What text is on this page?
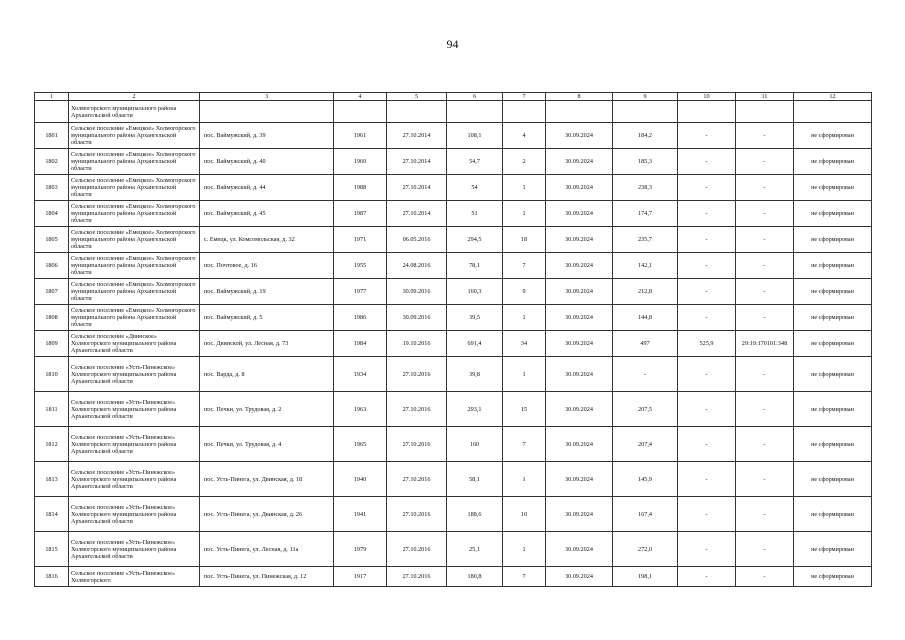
94
1	2	3	4	5	6	7	8	9	10	11	12
	Холмогорского муниципального района Архангельской области										
1801	Сельское поселение «Емецкое» Холмогорского муниципального района Архангельской области	пос. Ваймужский, д. 39	1961	27.10.2014	108,1	4	30.09.2024	184,2	-	-	не сформирован
1802	Сельское поселение «Емецкое» Холмогорского муниципального района Архангельской области	пос. Ваймужский, д. 40	1960	27.10.2014	54,7	2	30.09.2024	185,3	-	-	не сформирован
1803	Сельское поселение «Емецкое» Холмогорского муниципального района Архангельской области	пос. Ваймужский, д. 44	1988	27.10.2014	54	1	30.09.2024	238,3	-	-	не сформирован
1804	Сельское поселение «Емецкое» Холмогорского муниципального района Архангельской области	пос. Ваймужский, д. 45	1987	27.10.2014	51	1	30.09.2024	174,7	-	-	не сформирован
1805	Сельское поселение «Емецкое» Холмогорского муниципального района Архангельской области	с. Емецк, ул. Комсомольская, д. 32	1971	06.05.2016	294,5	18	30.09.2024	235,7	-	-	не сформирован
1806	Сельское поселение «Емецкое» Холмогорского муниципального района Архангельской области	пос. Почтовое, д. 16	1955	24.08.2016	78,1	7	30.09.2024	142,1	-	-	не сформирован
1807	Сельское поселение «Емецкое» Холмогорского муниципального района Архангельской области	пос. Ваймужский, д. 19	1977	30.09.2016	160,3	9	30.09.2024	212,8	-	-	не сформирован
1808	Сельское поселение «Емецкое» Холмогорского муниципального района Архангельской области	пос. Ваймужский, д. 5	1986	30.09.2016	39,5	1	30.09.2024	144,8	-	-	не сформирован
1809	Сельское поселение «Двинское» Холмогорского муниципального района Архангельской области	пос. Двинской, ул. Лесная, д. 73	1984	19.10.2016	691,4	34	30.09.2024	497	525,9	29:19:170101:348	не сформирован
1810	Сельское поселение «Усть-Пинежское» Холмогорского муниципального района Архангельской области	пос. Варда, д. 8	1934	27.10.2016	39,8	1	30.09.2024	-	-	-	не сформирован
1811	Сельское поселение «Усть-Пинежское» Холмогорского муниципального района Архангельской области	пос. Печки, ул. Трудовая, д. 2	1963	27.10.2016	293,1	15	30.09.2024	207,5	-	-	не сформирован
1812	Сельское поселение «Усть-Пинежское» Холмогорского муниципального района Архангельской области	пос. Печки, ул. Трудовая, д. 4	1965	27.10.2016	160	7	30.09.2024	207,4	-	-	не сформирован
1813	Сельское поселение «Усть-Пинежское» Холмогорского муниципального района Архангельской области	пос. Усть-Пинега, ул. Двинская, д. 18	1940	27.10.2016	58,1	1	30.09.2024	145,9	-	-	не сформирован
1814	Сельское поселение «Усть-Пинежское» Холмогорского муниципального района Архангельской области	пос. Усть-Пинега, ул. Двинская, д. 26	1941	27.10.2016	188,6	10	30.09.2024	167,4	-	-	не сформирован
1815	Сельское поселение «Усть-Пинежское» Холмогорского муниципального района Архангельской области	пос. Усть-Пинега, ул. Лесная, д. 11а	1979	27.10.2016	25,1	1	30.09.2024	272,0	-	-	не сформирован
1816	Сельское поселение «Усть-Пинежское» Холмогорского	пос. Усть-Пинега, ул. Пинежская, д. 12	1917	27.10.2016	180,8	7	30.09.2024	198,1	-	-	не сформирован
